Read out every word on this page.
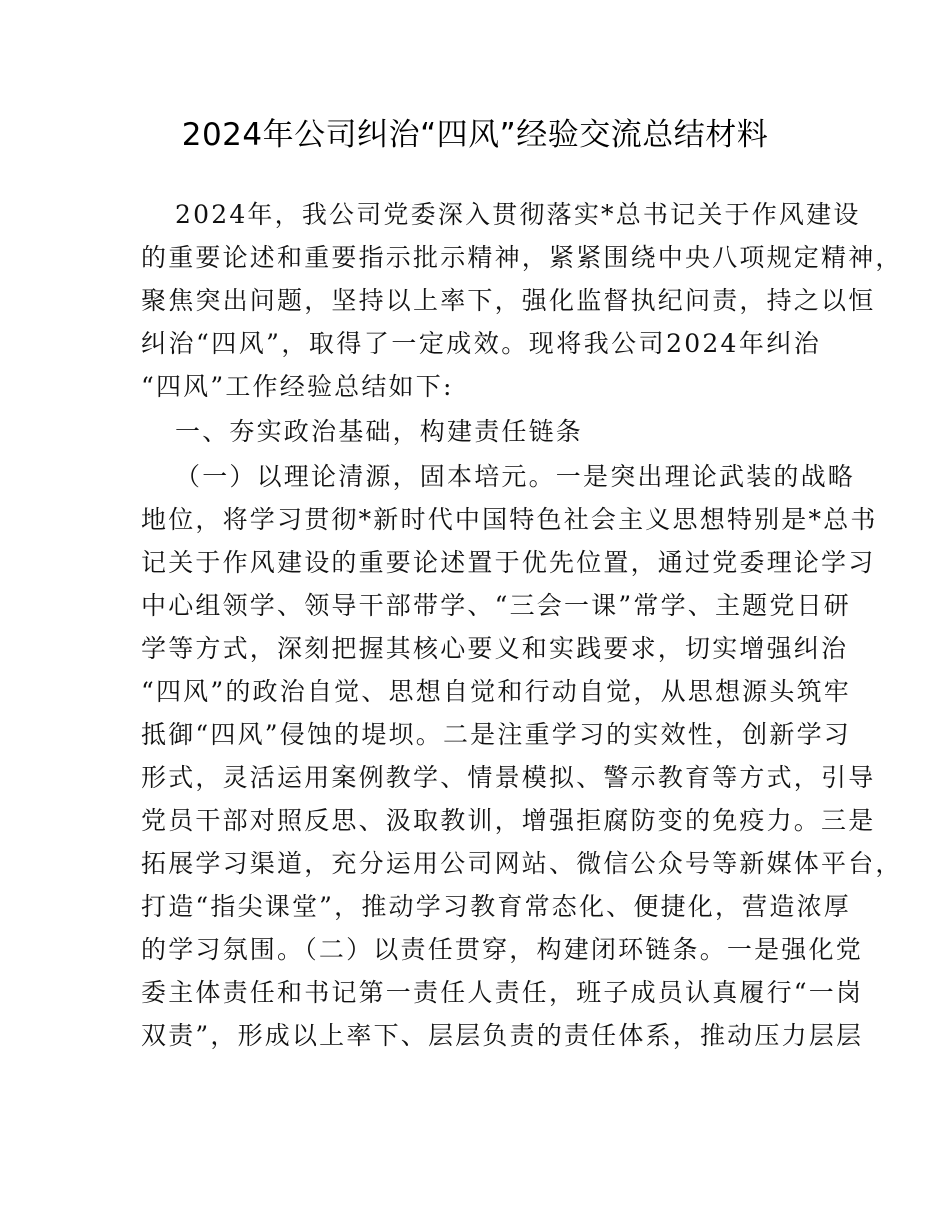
2024年公司纠治“四风”经验交流总结材料
2024年，我公司党委深入贯彻落实*总书记关于作风建设
的重要论述和重要指示批示精神，紧紧围绕中央八项规定精神，
聚焦突出问题，坚持以上率下，强化监督执纪问责，持之以恒
纠治“四风”，取得了一定成效。现将我公司2024年纠治
“四风”工作经验总结如下:
一、夯实政治基础，构建责任链条
（一）以理论清源，固本培元。一是突出理论武装的战略
地位，将学习贯彻*新时代中国特色社会主义思想特别是*总书
记关于作风建设的重要论述置于优先位置，通过党委理论学习
中心组领学、领导干部带学、“三会一课”常学、主题党日研
学等方式，深刻把握其核心要义和实践要求，切实增强纠治
“四风”的政治自觉、思想自觉和行动自觉，从思想源头筑牢
抵御“四风”侵蚀的堤坝。二是注重学习的实效性，创新学习
形式，灵活运用案例教学、情景模拟、警示教育等方式，引导
党员干部对照反思、汲取教训，增强拒腐防变的免疫力。三是
拓展学习渠道，充分运用公司网站、微信公众号等新媒体平台，
打造“指尖课堂”，推动学习教育常态化、便捷化，营造浓厚
的学习氛围。（二）以责任贯穿，构建闭环链条。一是强化党
委主体责任和书记第一责任人责任，班子成员认真履行“一岗
双责”，形成以上率下、层层负责的责任体系，推动压力层层
